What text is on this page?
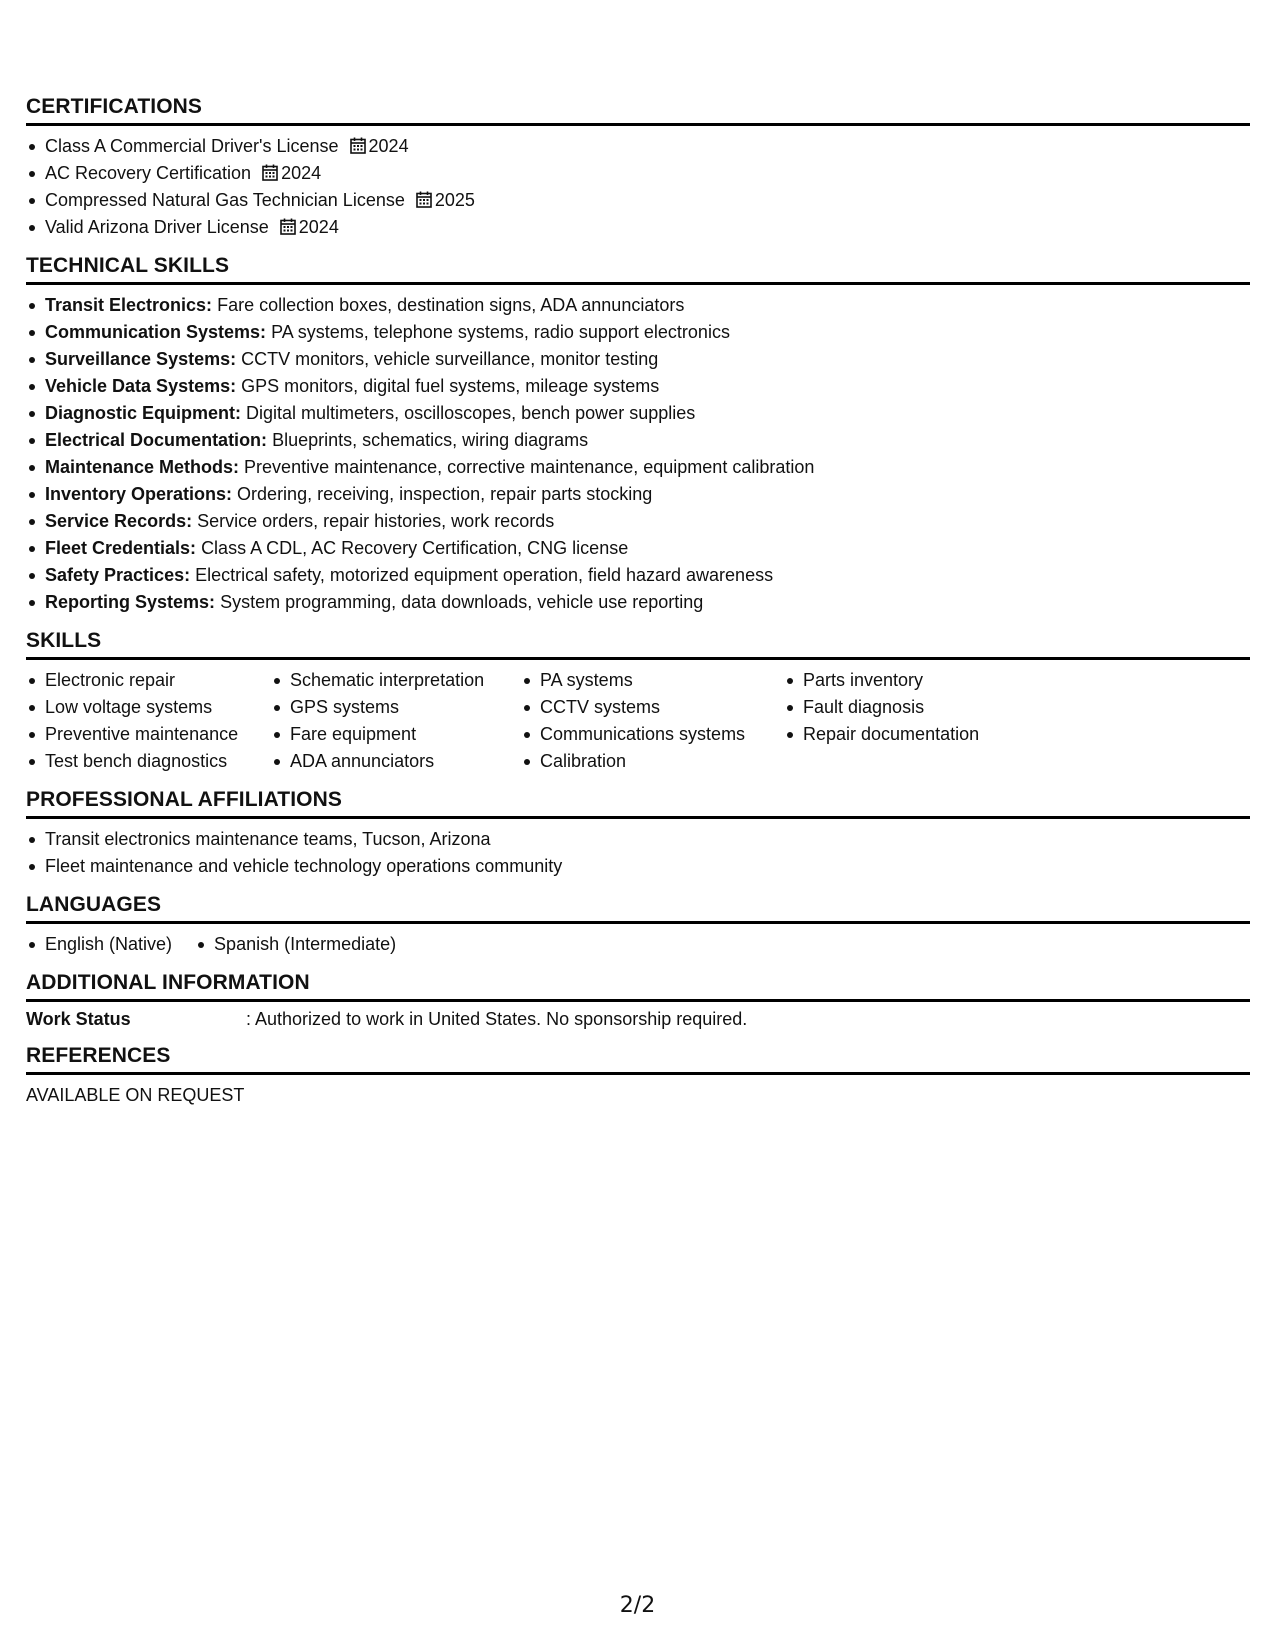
CERTIFICATIONS
Class A Commercial Driver's License 2024
AC Recovery Certification 2024
Compressed Natural Gas Technician License 2025
Valid Arizona Driver License 2024
TECHNICAL SKILLS
Transit Electronics: Fare collection boxes, destination signs, ADA annunciators
Communication Systems: PA systems, telephone systems, radio support electronics
Surveillance Systems: CCTV monitors, vehicle surveillance, monitor testing
Vehicle Data Systems: GPS monitors, digital fuel systems, mileage systems
Diagnostic Equipment: Digital multimeters, oscilloscopes, bench power supplies
Electrical Documentation: Blueprints, schematics, wiring diagrams
Maintenance Methods: Preventive maintenance, corrective maintenance, equipment calibration
Inventory Operations: Ordering, receiving, inspection, repair parts stocking
Service Records: Service orders, repair histories, work records
Fleet Credentials: Class A CDL, AC Recovery Certification, CNG license
Safety Practices: Electrical safety, motorized equipment operation, field hazard awareness
Reporting Systems: System programming, data downloads, vehicle use reporting
SKILLS
Electronic repair
Low voltage systems
Preventive maintenance
Test bench diagnostics
Schematic interpretation
GPS systems
Fare equipment
ADA annunciators
PA systems
CCTV systems
Communications systems
Calibration
Parts inventory
Fault diagnosis
Repair documentation
PROFESSIONAL AFFILIATIONS
Transit electronics maintenance teams, Tucson, Arizona
Fleet maintenance and vehicle technology operations community
LANGUAGES
English (Native)	Spanish (Intermediate)
ADDITIONAL INFORMATION
Work Status	: Authorized to work in United States. No sponsorship required.
REFERENCES
AVAILABLE ON REQUEST
2/2
